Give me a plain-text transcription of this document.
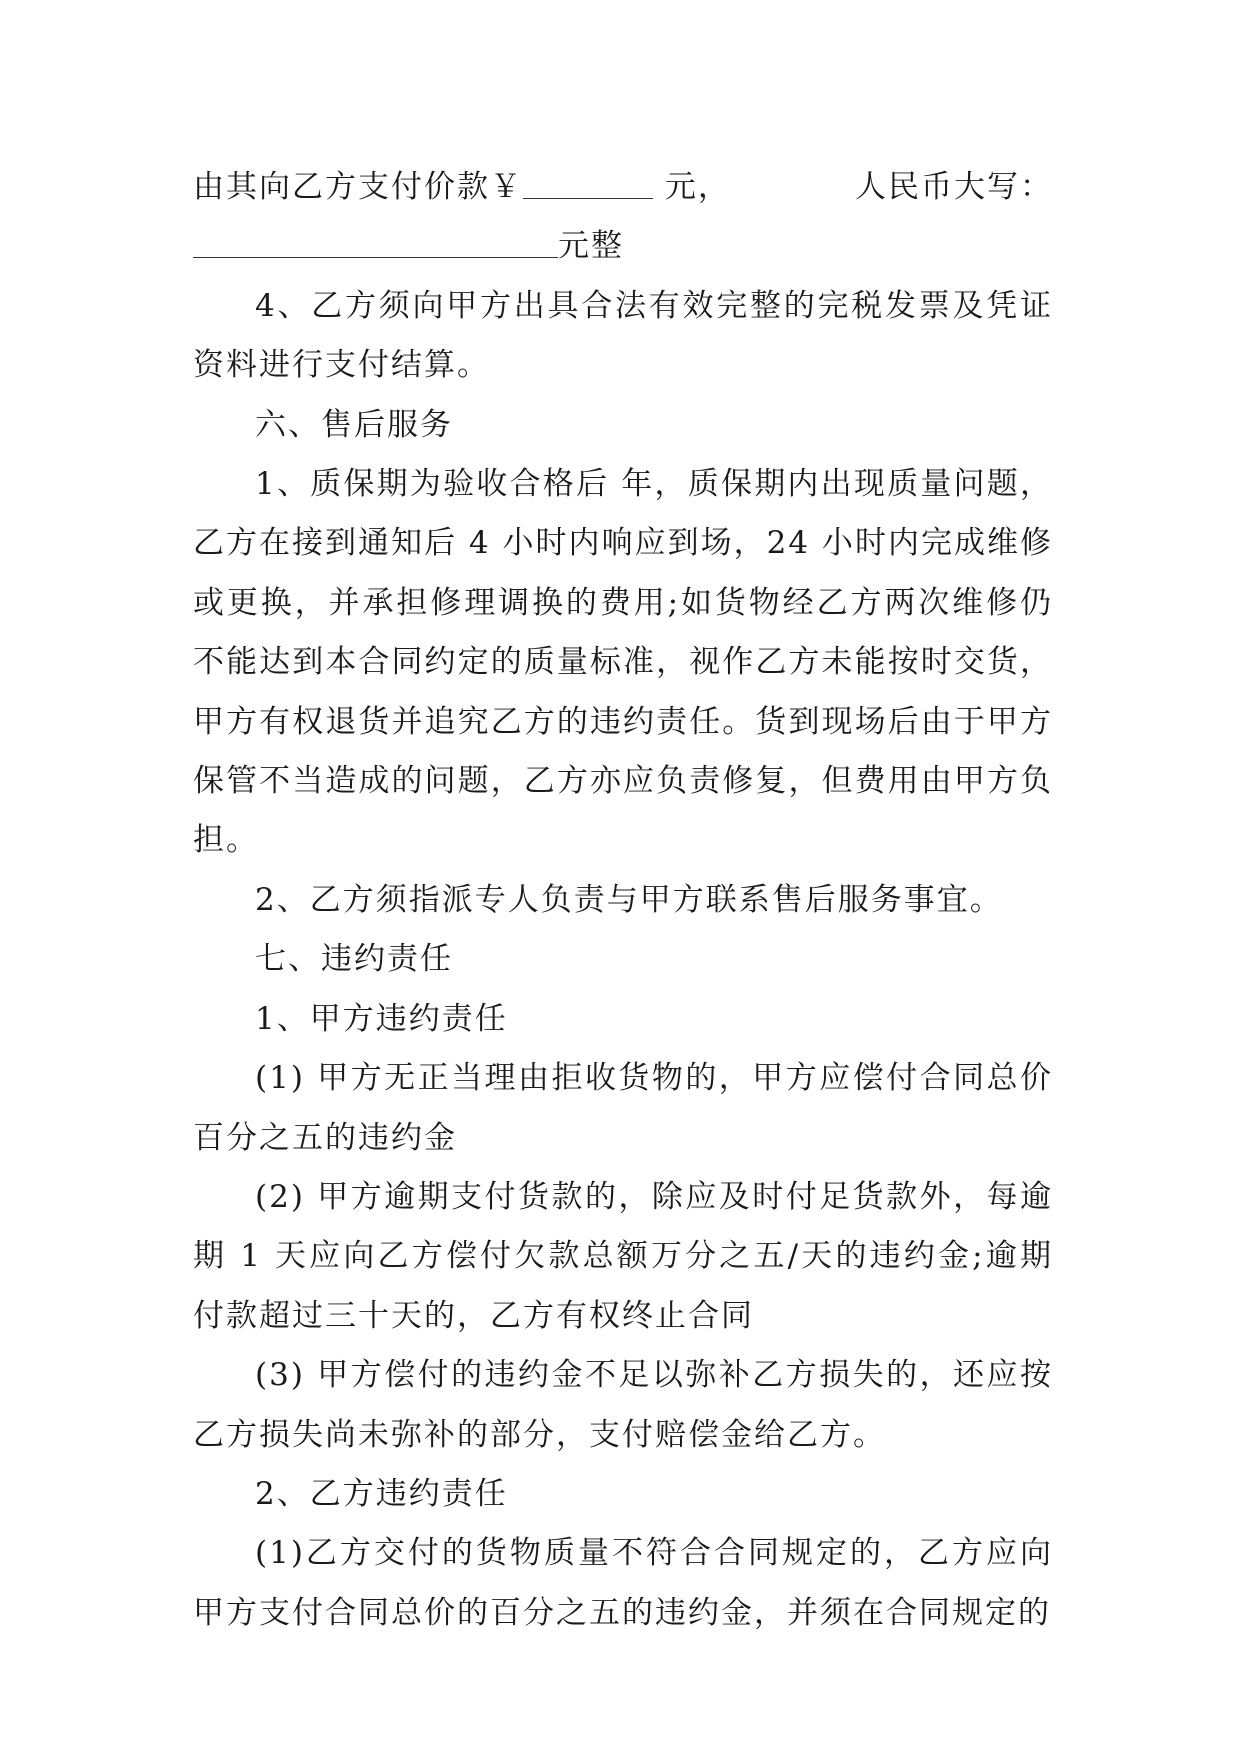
由其向乙方支付价款￥	元，	人民币大写：
元整

4、乙方须向甲方出具合法有效完整的完税发票及凭证资料进行支付结算。

六、售后服务

1、质保期为验收合格后 年，质保期内出现质量问题，乙方在接到通知后 4 小时内响应到场，24 小时内完成维修或更换，并承担修理调换的费用;如货物经乙方两次维修仍不能达到本合同约定的质量标准，视作乙方未能按时交货，甲方有权退货并追究乙方的违约责任。货到现场后由于甲方保管不当造成的问题，乙方亦应负责修复，但费用由甲方负担。

2、乙方须指派专人负责与甲方联系售后服务事宜。

七、违约责任

1、甲方违约责任

(1) 甲方无正当理由拒收货物的，甲方应偿付合同总价百分之五的违约金

(2) 甲方逾期支付货款的，除应及时付足货款外，每逾期 1 天应向乙方偿付欠款总额万分之五/天的违约金;逾期付款超过三十天的，乙方有权终止合同

(3) 甲方偿付的违约金不足以弥补乙方损失的，还应按乙方损失尚未弥补的部分，支付赔偿金给乙方。

2、乙方违约责任

(1)乙方交付的货物质量不符合合同规定的，乙方应向甲方支付合同总价的百分之五的违约金，并须在合同规定的
